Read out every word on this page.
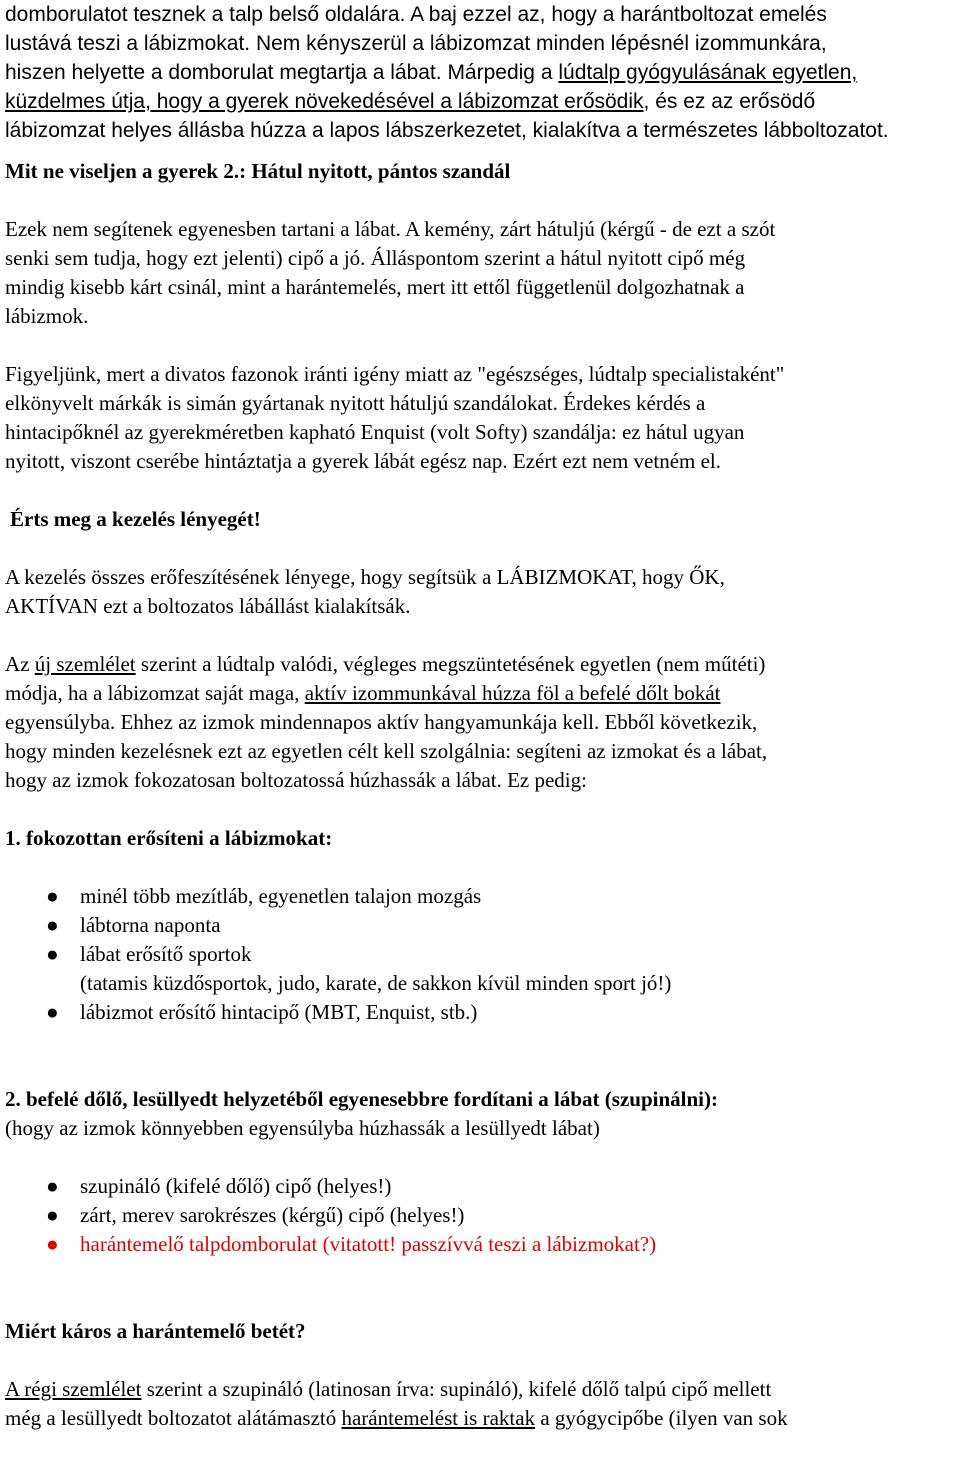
domborulatot tesznek a talp belső oldalára. A baj ezzel az, hogy a harántboltozat emelés

lustává teszi a lábizmokat. Nem kényszerül a lábizomzat minden lépésnél izommunkára,

hiszen helyette a domborulat megtartja a lábat. Márpedig a lúdtalp gyógyulásának egyetlen,

küzdelmes útja, hogy a gyerek növekedésével a lábizomzat erősödik, és ez az erősödő

lábizomzat helyes állásba húzza a lapos lábszerkezetet, kialakítva a természetes lábboltozatot.

Mit ne viseljen a gyerek 2.: Hátul nyitott, pántos szandál

Ezek nem segítenek egyenesben tartani a lábat. A kemény, zárt hátuljú (kérgű - de ezt a szót

senki sem tudja, hogy ezt jelenti) cipő a jó. Álláspontom szerint a hátul nyitott cipő még

mindig kisebb kárt csinál, mint a harántemelés, mert itt ettől függetlenül dolgozhatnak a

lábizmok.

Figyeljünk, mert a divatos fazonok iránti igény miatt az "egészséges, lúdtalp specialistaként"

elkönyvelt márkák is simán gyártanak nyitott hátuljú szandálokat. Érdekes kérdés a

hintacipőknél az gyerekméretben kapható Enquist (volt Softy) szandálja: ez hátul ugyan

nyitott, viszont cserébe hintáztatja a gyerek lábát egész nap. Ezért ezt nem vetném el.

Érts meg a kezelés lényegét!

A kezelés összes erőfeszítésének lényege, hogy segítsük a LÁBIZMOKAT, hogy ŐK,

AKTÍVAN ezt a boltozatos lábállást kialakítsák.

Az új szemlélet szerint a lúdtalp valódi, végleges megszüntetésének egyetlen (nem műtéti)

módja, ha a lábizomzat saját maga, aktív izommunkával húzza föl a befelé dőlt bokát

egyensúlyba. Ehhez az izmok mindennapos aktív hangyamunkája kell. Ebből következik,

hogy minden kezelésnek ezt az egyetlen célt kell szolgálnia: segíteni az izmokat és a lábat,

hogy az izmok fokozatosan boltozatossá húzhassák a lábat. Ez pedig:

1. fokozottan erősíteni a lábizmokat:

● minél több mezítláb, egyenetlen talajon mozgás
● lábtorna naponta
● lábat erősítő sportok
(tatamis küzdősportok, judo, karate, de sakkon kívül minden sport jó!)
● lábizmot erősítő hintacipő (MBT, Enquist, stb.)

2. befelé dőlő, lesüllyedt helyzetéből egyenesebbre fordítani a lábat (szupinálni):

(hogy az izmok könnyebben egyensúlyba húzhassák a lesüllyedt lábat)

● szupináló (kifelé dőlő) cipő (helyes!)
● zárt, merev sarokrészes (kérgű) cipő (helyes!)
● harántemelő talpdomborulat (vitatott! passzívvá teszi a lábizmokat?)

Miért káros a harántemelő betét?

A régi szemlélet szerint a szupináló (latinosan írva: supináló), kifelé dőlő talpú cipő mellett

még a lesüllyedt boltozatot alátámasztó harántemelést is raktak a gyógycipőbe (ilyen van sok
